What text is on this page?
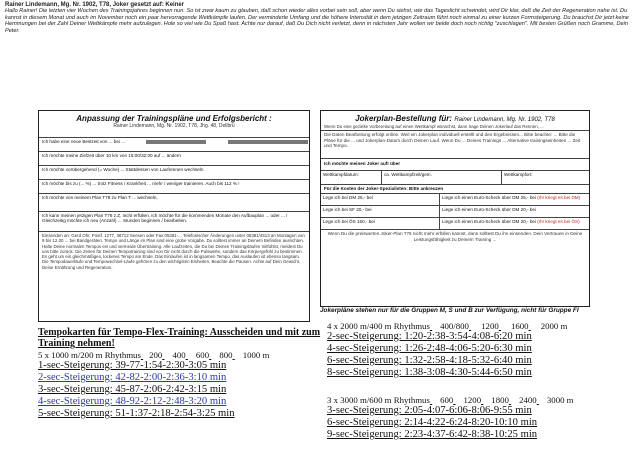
Rainer Lindemann, Mg. Nr. 1902, T78, Joker gesetzt auf: Keiner
Hallo Rainer! Die letzten vier Wochen des Trainingsjahres beginnen nun. So ist zwar kaum zu glauben, daß schon wieder alles vorbei sein soll, aber wenn Du siehst, wie das Tageslicht schwindet, wird Dir klar, daß die Zeit der Regeneration nahe ist. Du kannst in diesem Monat und auch im November noch ein paar hervorragende Wettkämpfe laufen. Der verminderte Umfang und die höhere Intensität in dem jetzigen Zeitraum führt noch einmal zu einer kurzen Formsteigerung. Du brauchst Dir jetzt keine Hemmungen bei der Zahl Deiner Wettkämpfe mehr aufzulegen. Hole so viel wie Du Spaß hast. Achte nur darauf, daß Du Dich nicht verletzt, denn in nächsten Jahr wollen wir beide doch noch richtig "zuschlagen". Mit besten Grüßen noch Gramme, Dein Peter.
Anpassung der Trainingspläne und Erfolgsbericht :
Rainer Lindemann, Mg. Nr. 1902, T78, Jhg. 48, Dellbrü
Ich habe eine neue Bestzeit von ... bei ...
Ich möchte meine Zielzeit über 10 km von 16:00/32:00 auf ... ändern
Ich möchte vorübergehend (= Woche) ... Stattdessen von Laufrennen wechseln
Ich möchte bis zu (... %) ... trotz Fitness / Krankheit ... mehr / weniger trainieren. Auch bis 112 % !
Ich möchte von meinem Plan T78 zu Plan T ... wechseln,
Ich kann meinen jetzigen Plan T78 z.Z. nicht erfüllen. Ich möchte für die kommenden Monate den Aufbauplan ... oder ... / Gleichzeitig möchte ich neu (Anzahl) ... Stunden beginnen / bearbeiten.
Einsenden an: Gerd Ohr, Postf. 1277, 38712 Seesen oder Fax 05381-... Telefonischer Änderungen unter 05381/4513 an Montagen von 9 bis 12.00 ... bei Bandgeräten. Tempo und Länge im Plan sind eine grobe Vorgabe. Du solltest immer an Deinem Befinden ausrichten. Halte Deine normalen Tempos ein und vermeide Übertraining. Alle Laufzeiten, die Du bei Deinen Trainingsläufen mitfühlst, meldest Du uns bitte zurück. Die Zeiten für Deinen Tempotraining sind von Dir nicht durch die Pulswerte, sondern das Körpergefühl zu bestimmen. Es geht um ein gleichmäßiges, lockeres Tempo am Ende. Das Einlaufen ist in langsamen Tempo, das Auslaufen ist ebenso langsam. Die Tempodauerläufe und Tempowechsel-Läufe gehören zu den wichtigsten Einheiten. Beachte die Pausen. Achte auf Dein Gewicht, Deine Ernährung und Regeneration.
Jokerplan-Bestellung für: Rainer Lindemann, Mg. Nr. 1902, T78
Wenn Du eine gezielte Vorbereitung auf einen Wettkampf wünschst, dann trage Deinen Jokerlauf das Rennen, ...
Die Daten Bearbeitung erfolgt online. Weil ein Jokerplan individuell erstellt und den Ergebnissen... Bitte beachte: ... Bitte die Pläne für die ... und Jokerplan-Datum durch Deinen Lauf. Wenn Du ... Deines Trainings ... Alternative trainingseinheiten ... Zeit und Tempo.
Ich möchte meinen Joker auf! über
Wettkampfdatum:	ca. Wettkampfzeit/gem.	Wettkampfort:
Für die Kosten der Joker-Spezialisten: Bitte ankreuzen
Lege ich bei DM 25,- bei	Liege ich einen Euro-Scheck über DM 25,- bei (Ihr kriegt es bei DM)
Lege ich bei SF 20,- bei	Liege ich einen Euro-Scheck über DM 20,- bei
Lege ich bei ÖS 150,- bei	Liege ich einen Euro-Scheck über DM 20,- bei (Ihr kriegt es bei ÖS)
Wenn Du die preiswerten Joker-Plan T78 nicht mehr erfüllen kannst, dann solltest Du ihn einsenden. Dein Vertrauen in Deine Leistungsfähigkeit zu Deinem Training ...
Jokerpläne stehen nur für die Gruppen M, S und B zur Verfügung, nicht für Gruppe FI
Tempokarten für Tempo-Flex-Training: Ausscheiden und mit zum Training nehmen!
5 x 1000 m/200 m Rhythmus 200 400 600 800 1000 m
1-sec-Steigerung: 39-77-1:54-2:30-3:05 min
2-sec-Steigerung: 42-82-2:00-2:36-3:10 min
3-sec-Steigerung: 45-87-2:06-2:42-3:15 min
4-sec-Steigerung: 48-92-2:12-2:48-3:20 min
5-sec-Steigerung: 51-1:37-2:18-2:54-3:25 min
4 x 2000 m/400 m Rhythmus 400/800 1200 1600 2000 m
2-sec-Steigerung: 1:20-2:38-3:54-4:08-6:20 min
4-sec-Steigerung: 1:26-2:48-4:06-5:20-6:30 min
6-sec-Steigerung: 1:32-2:58-4:18-5:32-6:40 min
8-sec-Steigerung: 1:38-3:08-4:30-5:44-6:50 min
3 x 3000 m/600 m Rhythmus 600 1200 1800 2400 3000 m
3-sec-Steigerung: 2:05-4:07-6:06-8:06-9:55 min
6-sec-Steigerung: 2:14-4:22-6:24-8:20-10:10 min
9-sec-Steigerung: 2:23-4:37-6:42-8:38-10:25 min
